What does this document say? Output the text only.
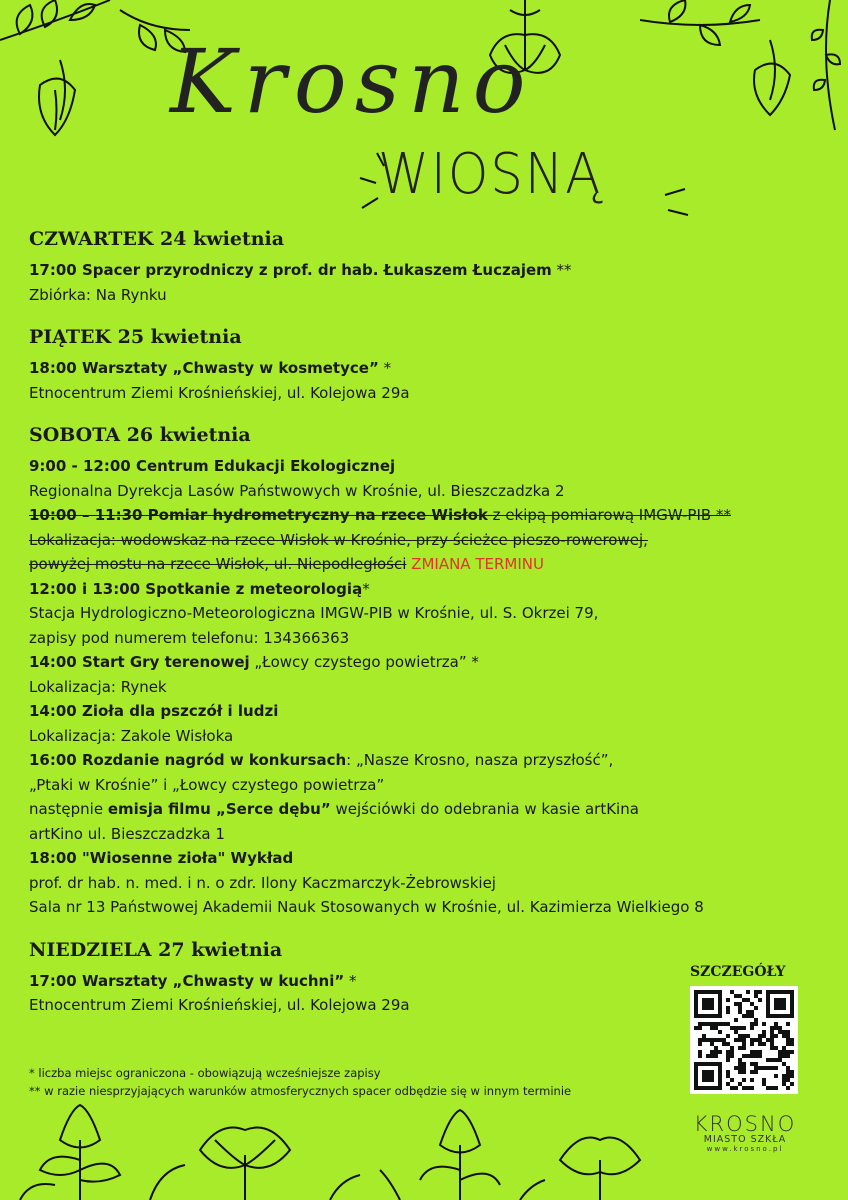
Krosno
WIOSNĄ
CZWARTEK 24 kwietnia
17:00 Spacer przyrodniczy z prof. dr hab. Łukaszem Łuczajem **
Zbiórka: Na Rynku
PIĄTEK 25 kwietnia
18:00 Warsztaty „Chwasty w kosmetyce” *
Etnocentrum Ziemi Krośnieńskiej, ul. Kolejowa 29a
SOBOTA 26 kwietnia
9:00 - 12:00 Centrum Edukacji Ekologicznej
Regionalna Dyrekcja Lasów Państwowych w Krośnie, ul. Bieszczadzka 2
10:00 – 11:30 Pomiar hydrometryczny na rzece Wisłok z ekipą pomiarową IMGW-PIB **
Lokalizacja: wodowskaz na rzece Wisłok w Krośnie, przy ścieżce pieszo-rowerowej,
powyżej mostu na rzece Wisłok, ul. Niepodległości ZMIANA TERMINU
12:00 i 13:00 Spotkanie z meteorologią*
Stacja Hydrologiczno-Meteorologiczna IMGW-PIB w Krośnie, ul. S. Okrzei 79,
zapisy pod numerem telefonu: 134366363
14:00 Start Gry terenowej „Łowcy czystego powietrza” *
Lokalizacja: Rynek
14:00 Zioła dla pszczół i ludzi
Lokalizacja: Zakole Wisłoka
16:00 Rozdanie nagród w konkursach: „Nasze Krosno, nasza przyszłość”,
„Ptaki w Krośnie” i „Łowcy czystego powietrza”
następnie emisja filmu „Serce dębu” wejściówki do odebrania w kasie artKina
artKino ul. Bieszczadzka 1
18:00 "Wiosenne zioła" Wykład
prof. dr hab. n. med. i n. o zdr. Ilony Kaczmarczyk-Żebrowskiej
Sala nr 13 Państwowej Akademii Nauk Stosowanych w Krośnie, ul. Kazimierza Wielkiego 8
NIEDZIELA 27 kwietnia
17:00 Warsztaty „Chwasty w kuchni” *
Etnocentrum Ziemi Krośnieńskiej, ul. Kolejowa 29a
* liczba miejsc ograniczona - obowiązują wcześniejsze zapisy
** w razie niesprzyjających warunków atmosferycznych spacer odbędzie się w innym terminie
SZCZEGÓŁY
KROSNO
MIASTO SZKŁA
www.krosno.pl
